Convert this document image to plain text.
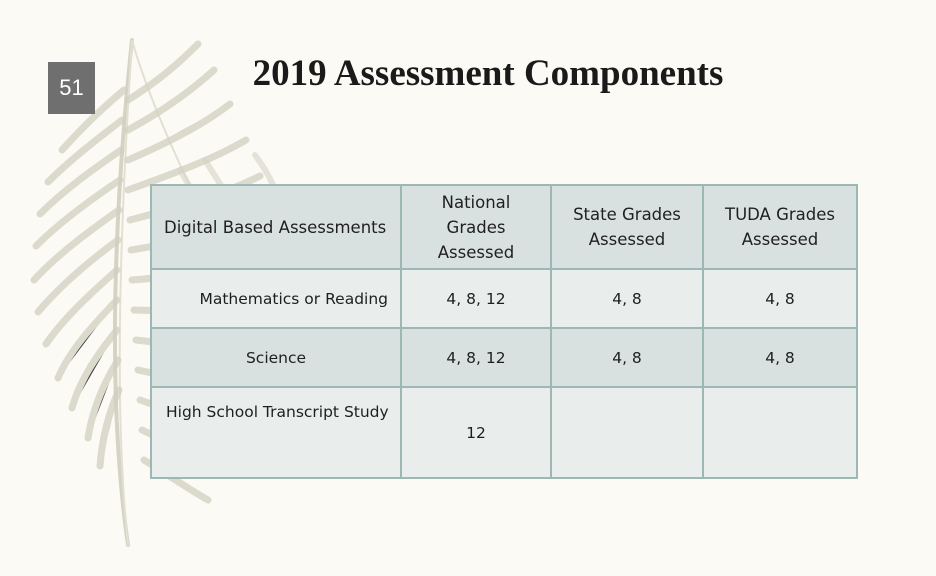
51	2019 Assessment Components
Digital Based Assessments	National Grades Assessed	State Grades Assessed	TUDA Grades Assessed
Mathematics or Reading	4, 8, 12	4, 8	4, 8
Science	4, 8, 12	4, 8	4, 8
High School Transcript Study	12		
